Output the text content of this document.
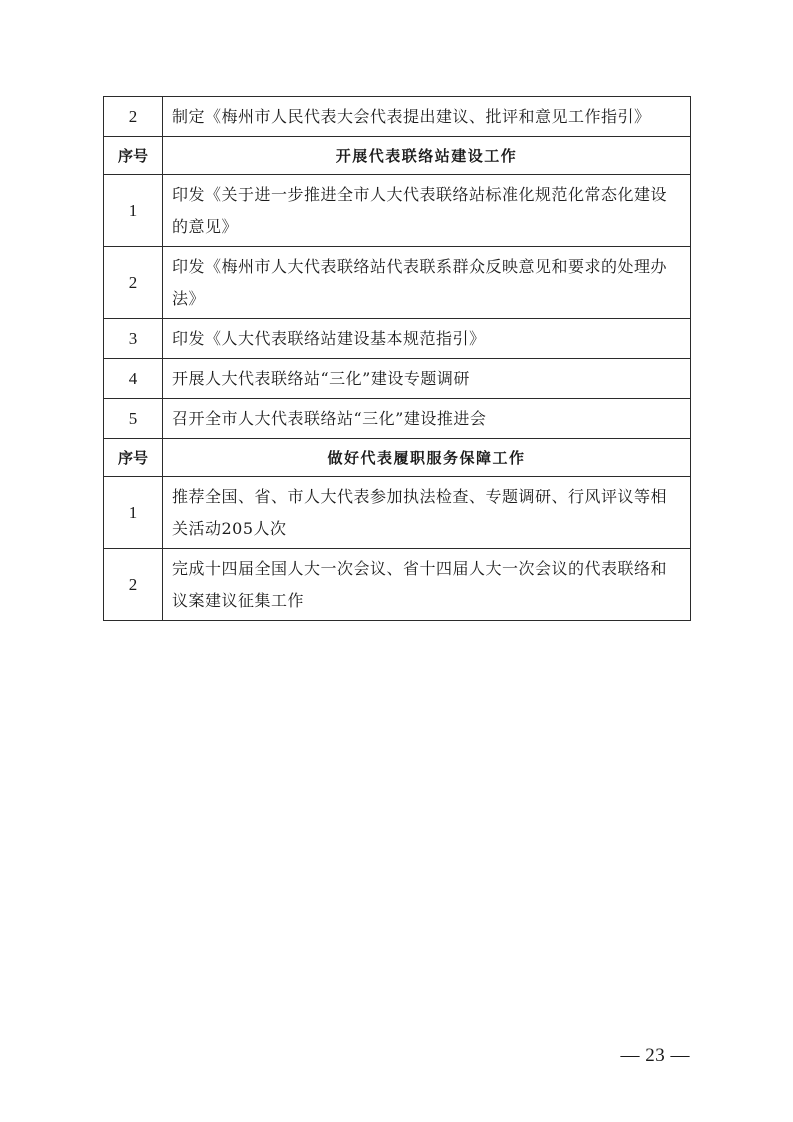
2	制定《梅州市人民代表大会代表提出建议、批评和意见工作指引》
序号	开展代表联络站建设工作
1	印发《关于进一步推进全市人大代表联络站标准化规范化常态化建设的意见》
2	印发《梅州市人大代表联络站代表联系群众反映意见和要求的处理办法》
3	印发《人大代表联络站建设基本规范指引》
4	开展人大代表联络站“三化”建设专题调研
5	召开全市人大代表联络站“三化”建设推进会
序号	做好代表履职服务保障工作
1	推荐全国、省、市人大代表参加执法检查、专题调研、行风评议等相关活动205人次
2	完成十四届全国人大一次会议、省十四届人大一次会议的代表联络和议案建议征集工作
— 23 —
